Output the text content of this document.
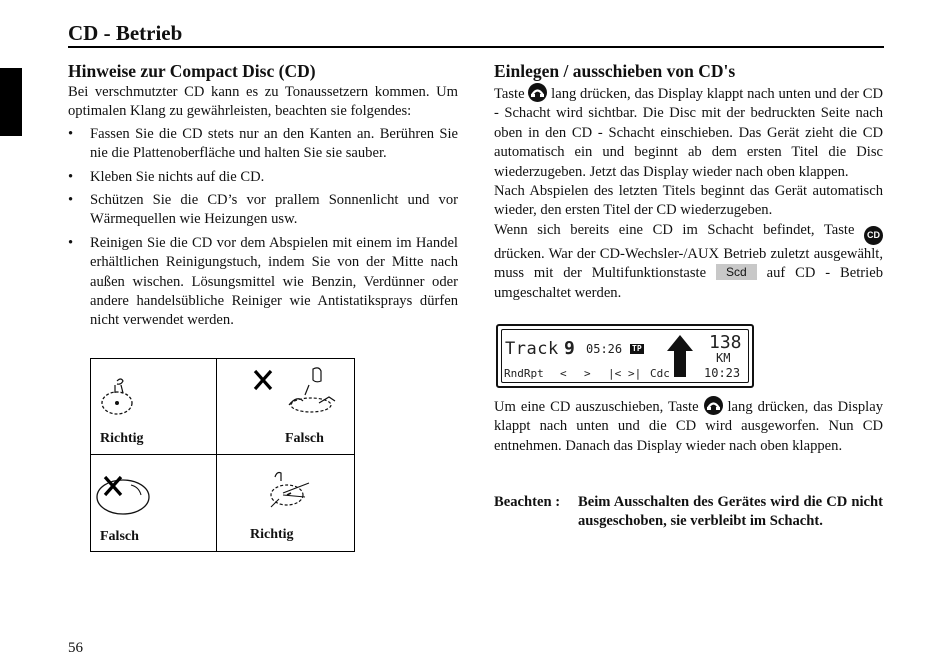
CD - Betrieb
Hinweise zur Compact Disc (CD)

Bei verschmutzter CD kann es zu Tonaussetzern kommen. Um optimalen Klang zu gewährleisten, beachten sie folgendes:

• Fassen Sie die CD stets nur an den Kanten an. Berühren Sie nie die Plattenoberfläche und halten Sie sie sauber.
• Kleben Sie nichts auf die CD.
• Schützen Sie die CD’s vor prallem Sonnenlicht und vor Wärmequellen wie Heizungen usw.
• Reinigen Sie die CD vor dem Abspielen mit einem im Handel erhältlichen Reinigungstuch, indem Sie von der Mitte nach außen wischen. Lösungsmittel wie Benzin, Verdünner oder andere handelsübliche Reiniger wie Antistatiksprays dürfen nicht verwendet werden.
Richtig	Falsch
Falsch	Richtig
Einlegen / ausschieben von CD's

Taste lang drücken, das Display klappt nach unten und der CD - Schacht wird sichtbar. Die Disc mit der bedruckten Seite nach oben in den CD - Schacht einschieben. Das Gerät zieht die CD automatisch ein und beginnt ab dem ersten Titel die Disc wiederzugeben. Jetzt das Display wieder nach oben klappen.

Nach Abspielen des letzten Titels beginnt das Gerät automatisch wieder, den ersten Titel der CD wiederzugeben.

Wenn sich bereits eine CD im Schacht befindet, Taste CD drücken. War der CD-Wechsler-/AUX Betrieb zuletzt ausgewählt, muss mit der Multifunktionstaste Scd auf CD - Betrieb umgeschaltet werden.

Track 9 05:26 TP	138
KM
RndRpt < > |< >| Cdc	10:23

Um eine CD auszuschieben, Taste lang drücken, das Display klappt nach unten und die CD wird ausgeworfen. Nun CD entnehmen. Danach das Display wieder nach oben klappen.

Beachten : Beim Ausschalten des Gerätes wird die CD nicht ausgeschoben, sie verbleibt im Schacht.
56
